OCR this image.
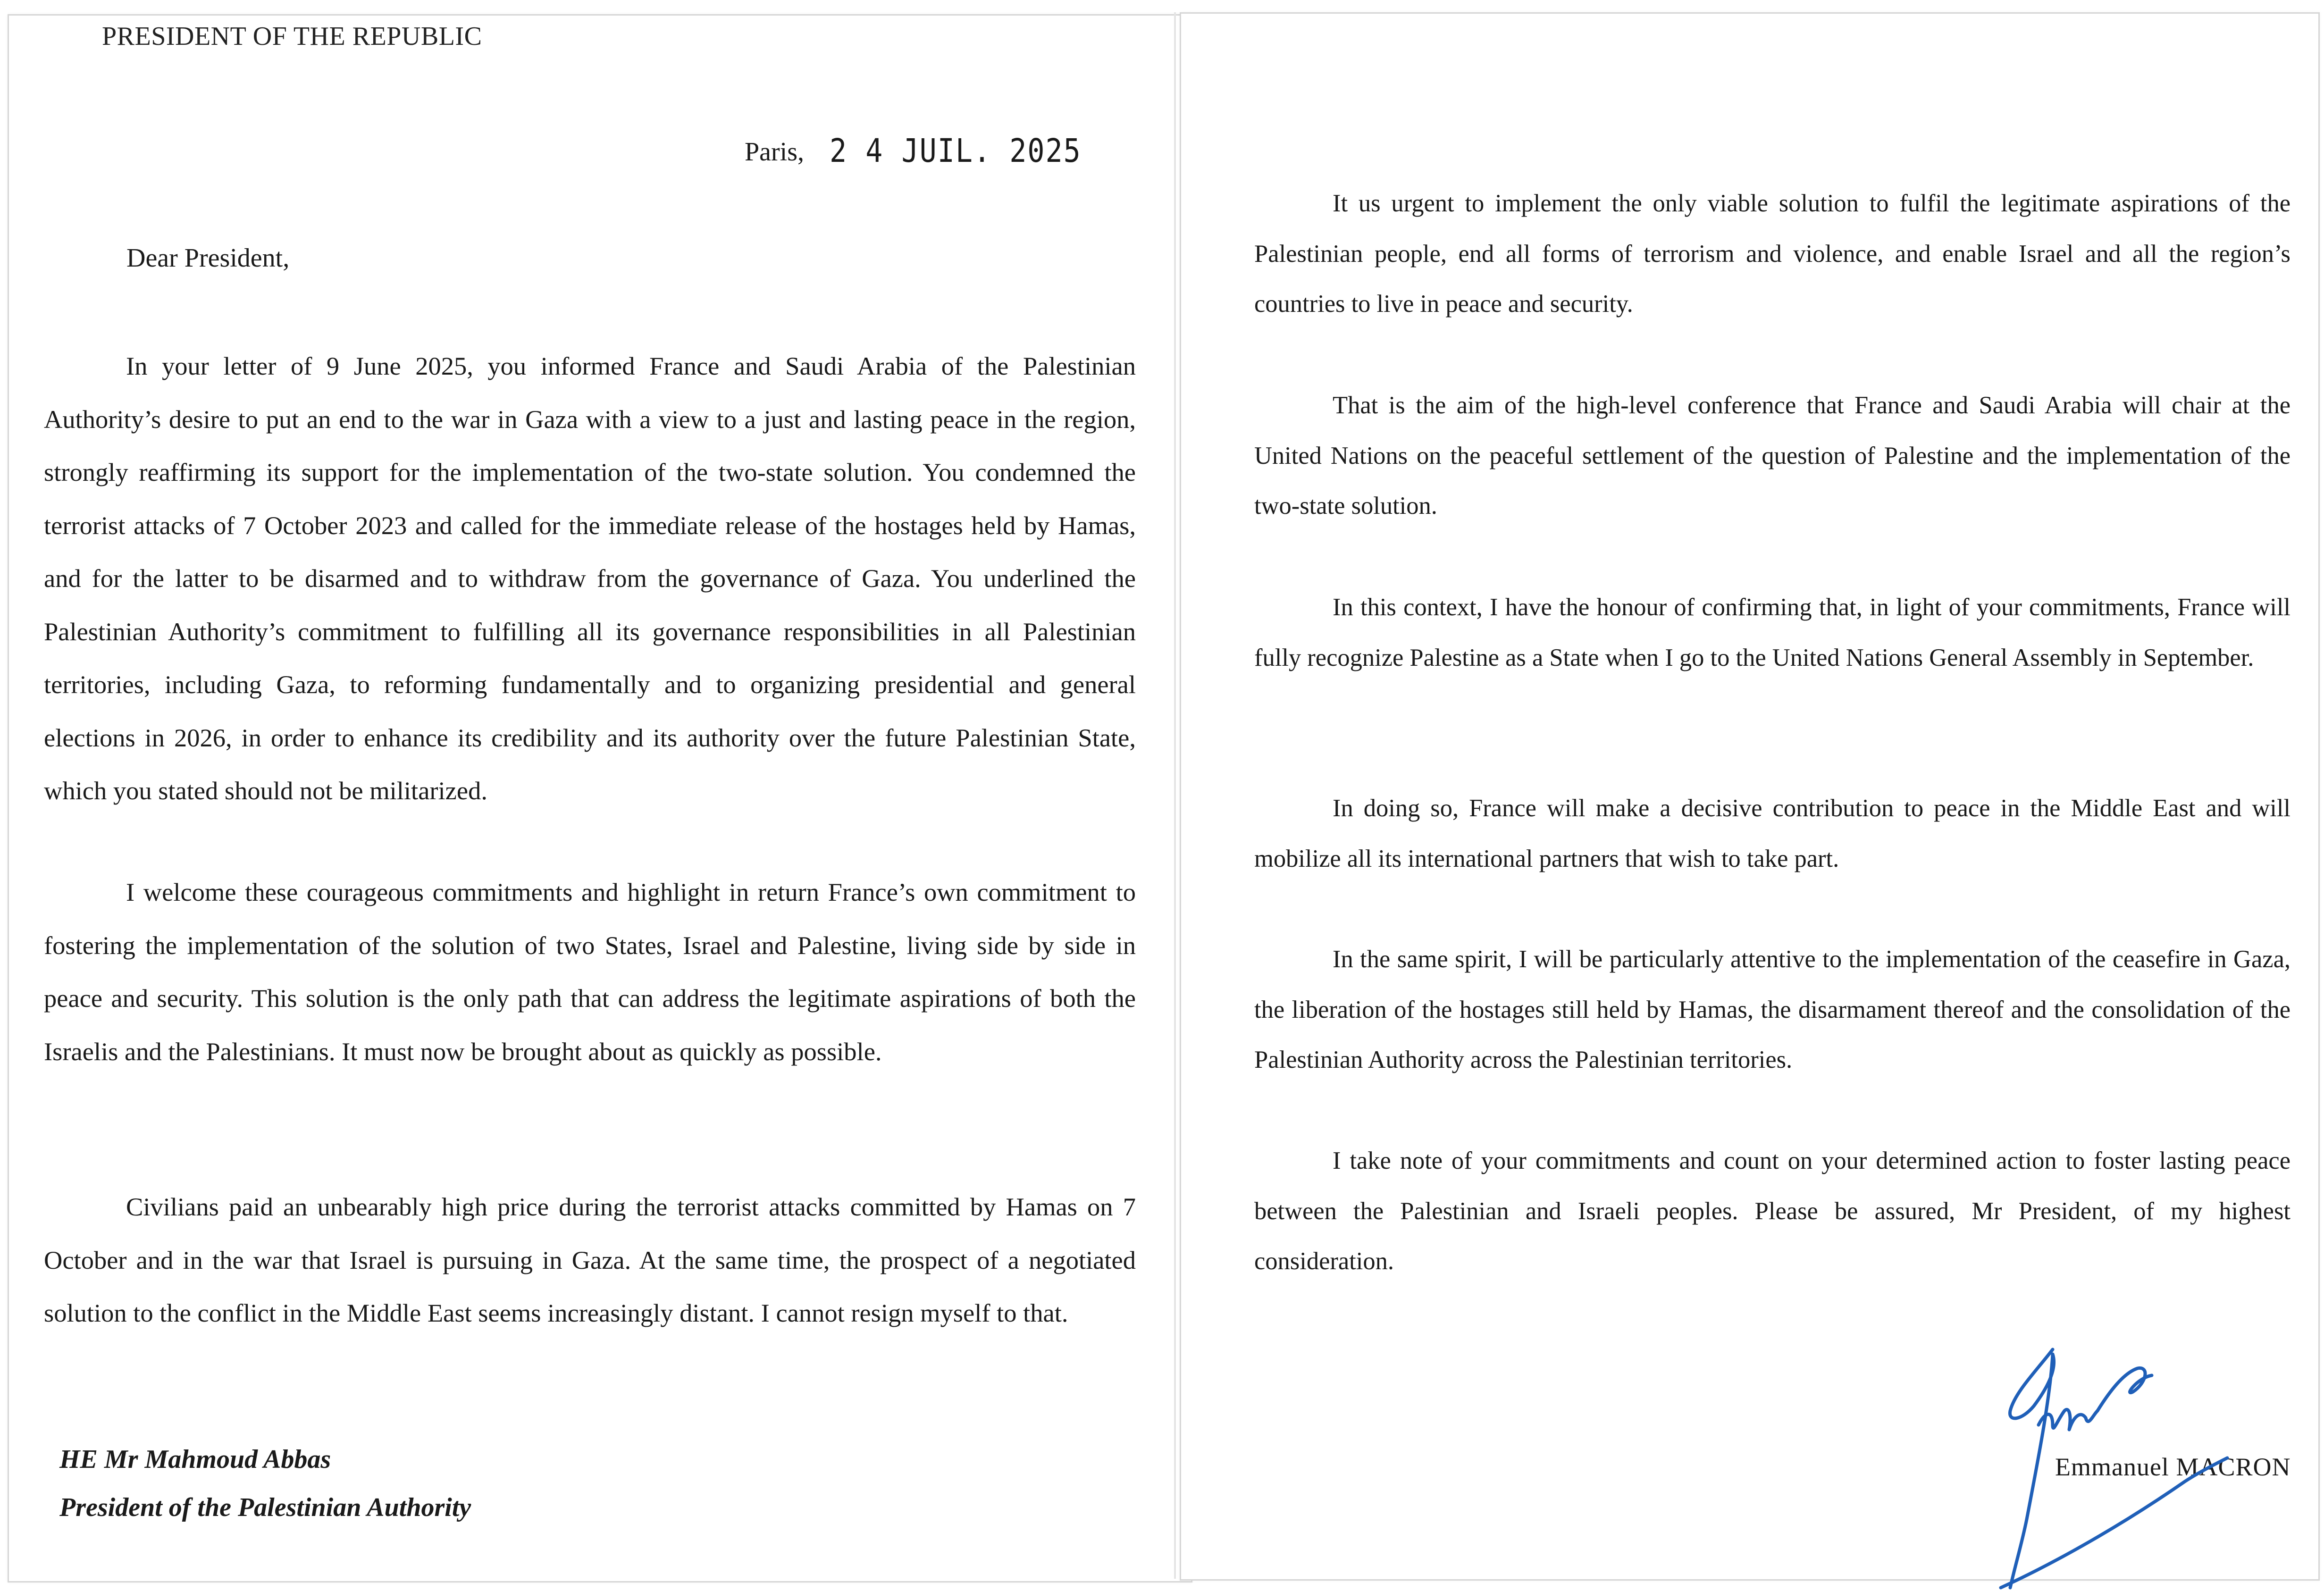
PRESIDENT OF THE REPUBLIC
Paris, 2 4 JUIL. 2025
Dear President,

In your letter of 9 June 2025, you informed France and Saudi Arabia of the Palestinian Authority’s desire to put an end to the war in Gaza with a view to a just and lasting peace in the region, strongly reaffirming its support for the implementation of the two-state solution. You condemned the terrorist attacks of 7 October 2023 and called for the immediate release of the hostages held by Hamas, and for the latter to be disarmed and to withdraw from the governance of Gaza. You underlined the Palestinian Authority’s commitment to fulfilling all its governance responsibilities in all Palestinian territories, including Gaza, to reforming fundamentally and to organizing presidential and general elections in 2026, in order to enhance its credibility and its authority over the future Palestinian State, which you stated should not be militarized.

I welcome these courageous commitments and highlight in return France’s own commitment to fostering the implementation of the solution of two States, Israel and Palestine, living side by side in peace and security. This solution is the only path that can address the legitimate aspirations of both the Israelis and the Palestinians. It must now be brought about as quickly as possible.

Civilians paid an unbearably high price during the terrorist attacks committed by Hamas on 7 October and in the war that Israel is pursuing in Gaza. At the same time, the prospect of a negotiated solution to the conflict in the Middle East seems increasingly distant. I cannot resign myself to that.

HE Mr Mahmoud Abbas
President of the Palestinian Authority

It us urgent to implement the only viable solution to fulfil the legitimate aspirations of the Palestinian people, end all forms of terrorism and violence, and enable Israel and all the region’s countries to live in peace and security.

That is the aim of the high-level conference that France and Saudi Arabia will chair at the United Nations on the peaceful settlement of the question of Palestine and the implementation of the two-state solution.

In this context, I have the honour of confirming that, in light of your commitments, France will fully recognize Palestine as a State when I go to the United Nations General Assembly in September.

In doing so, France will make a decisive contribution to peace in the Middle East and will mobilize all its international partners that wish to take part.

In the same spirit, I will be particularly attentive to the implementation of the ceasefire in Gaza, the liberation of the hostages still held by Hamas, the disarmament thereof and the consolidation of the Palestinian Authority across the Palestinian territories.

I take note of your commitments and count on your determined action to foster lasting peace between the Palestinian and Israeli peoples. Please be assured, Mr President, of my highest consideration.

Emmanuel MACRON
